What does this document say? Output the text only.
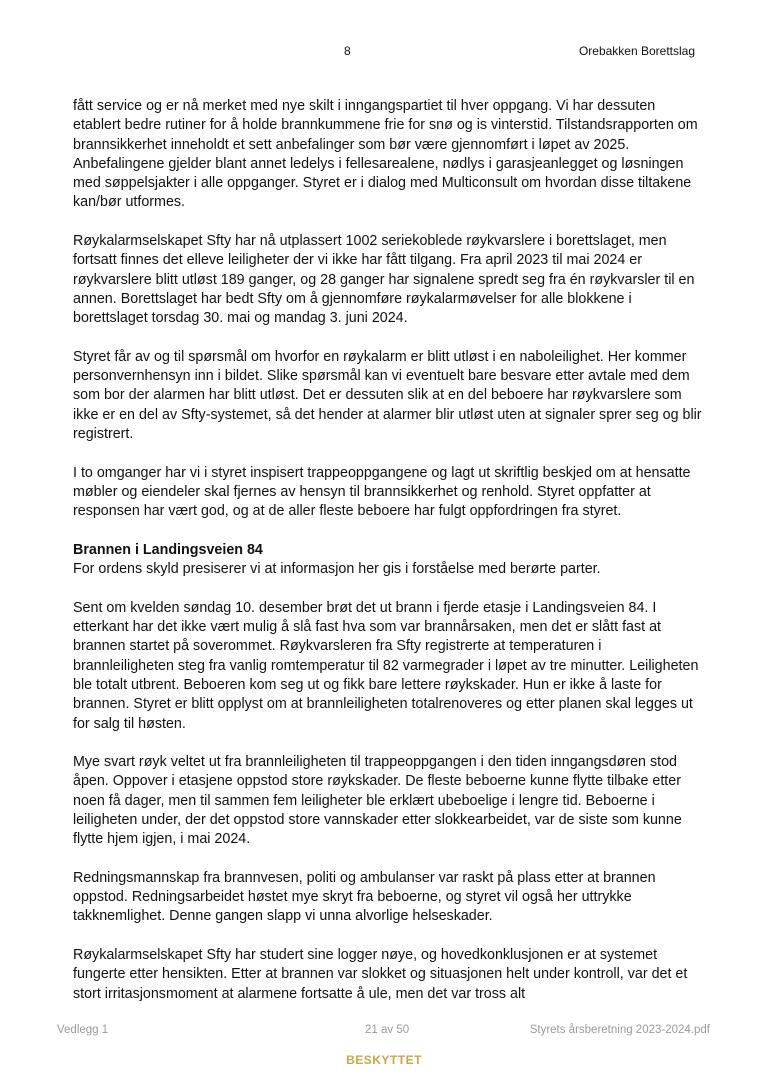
8	Orebakken Borettslag

fått service og er nå merket med nye skilt i inngangspartiet til hver oppgang. Vi har dessuten etablert bedre rutiner for å holde brannkummene frie for snø og is vinterstid. Tilstandsrapporten om brannsikkerhet inneholdt et sett anbefalinger som bør være gjennomført i løpet av 2025. Anbefalingene gjelder blant annet ledelys i fellesarealene, nødlys i garasjeanlegget og løsningen med søppelsjakter i alle oppganger. Styret er i dialog med Multiconsult om hvordan disse tiltakene kan/bør utformes.

Røykalarmselskapet Sfty har nå utplassert 1002 seriekoblede røykvarslere i borettslaget, men fortsatt finnes det elleve leiligheter der vi ikke har fått tilgang. Fra april 2023 til mai 2024 er røykvarslere blitt utløst 189 ganger, og 28 ganger har signalene spredt seg fra én røykvarsler til en annen. Borettslaget har bedt Sfty om å gjennomføre røykalarmøvelser for alle blokkene i borettslaget torsdag 30. mai og mandag 3. juni 2024.

Styret får av og til spørsmål om hvorfor en røykalarm er blitt utløst i en naboleilighet. Her kommer personvernhensyn inn i bildet. Slike spørsmål kan vi eventuelt bare besvare etter avtale med dem som bor der alarmen har blitt utløst. Det er dessuten slik at en del beboere har røykvarslere som ikke er en del av Sfty-systemet, så det hender at alarmer blir utløst uten at signaler sprer seg og blir registrert.

I to omganger har vi i styret inspisert trappeoppgangene og lagt ut skriftlig beskjed om at hensatte møbler og eiendeler skal fjernes av hensyn til brannsikkerhet og renhold. Styret oppfatter at responsen har vært god, og at de aller fleste beboere har fulgt oppfordringen fra styret.

Brannen i Landingsveien 84

For ordens skyld presiserer vi at informasjon her gis i forståelse med berørte parter.

Sent om kvelden søndag 10. desember brøt det ut brann i fjerde etasje i Landingsveien 84. I etterkant har det ikke vært mulig å slå fast hva som var brannårsaken, men det er slått fast at brannen startet på soverommet. Røykvarsleren fra Sfty registrerte at temperaturen i brannleiligheten steg fra vanlig romtemperatur til 82 varmegrader i løpet av tre minutter. Leiligheten ble totalt utbrent. Beboeren kom seg ut og fikk bare lettere røykskader. Hun er ikke å laste for brannen. Styret er blitt opplyst om at brannleiligheten totalrenoveres og etter planen skal legges ut for salg til høsten.

Mye svart røyk veltet ut fra brannleiligheten til trappeoppgangen i den tiden inngangsdøren stod åpen. Oppover i etasjene oppstod store røykskader. De fleste beboerne kunne flytte tilbake etter noen få dager, men til sammen fem leiligheter ble erklært ubeboelige i lengre tid. Beboerne i leiligheten under, der det oppstod store vannskader etter slokkearbeidet, var de siste som kunne flytte hjem igjen, i mai 2024.

Redningsmannskap fra brannvesen, politi og ambulanser var raskt på plass etter at brannen oppstod. Redningsarbeidet høstet mye skryt fra beboerne, og styret vil også her uttrykke takknemlighet. Denne gangen slapp vi unna alvorlige helseskader.

Røykalarmselskapet Sfty har studert sine logger nøye, og hovedkonklusjonen er at systemet fungerte etter hensikten. Etter at brannen var slokket og situasjonen helt under kontroll, var det et stort irritasjonsmoment at alarmene fortsatte å ule, men det var tross alt

Vedlegg 1	21 av 50	Styrets årsberetning 2023-2024.pdf
BESKYTTET
